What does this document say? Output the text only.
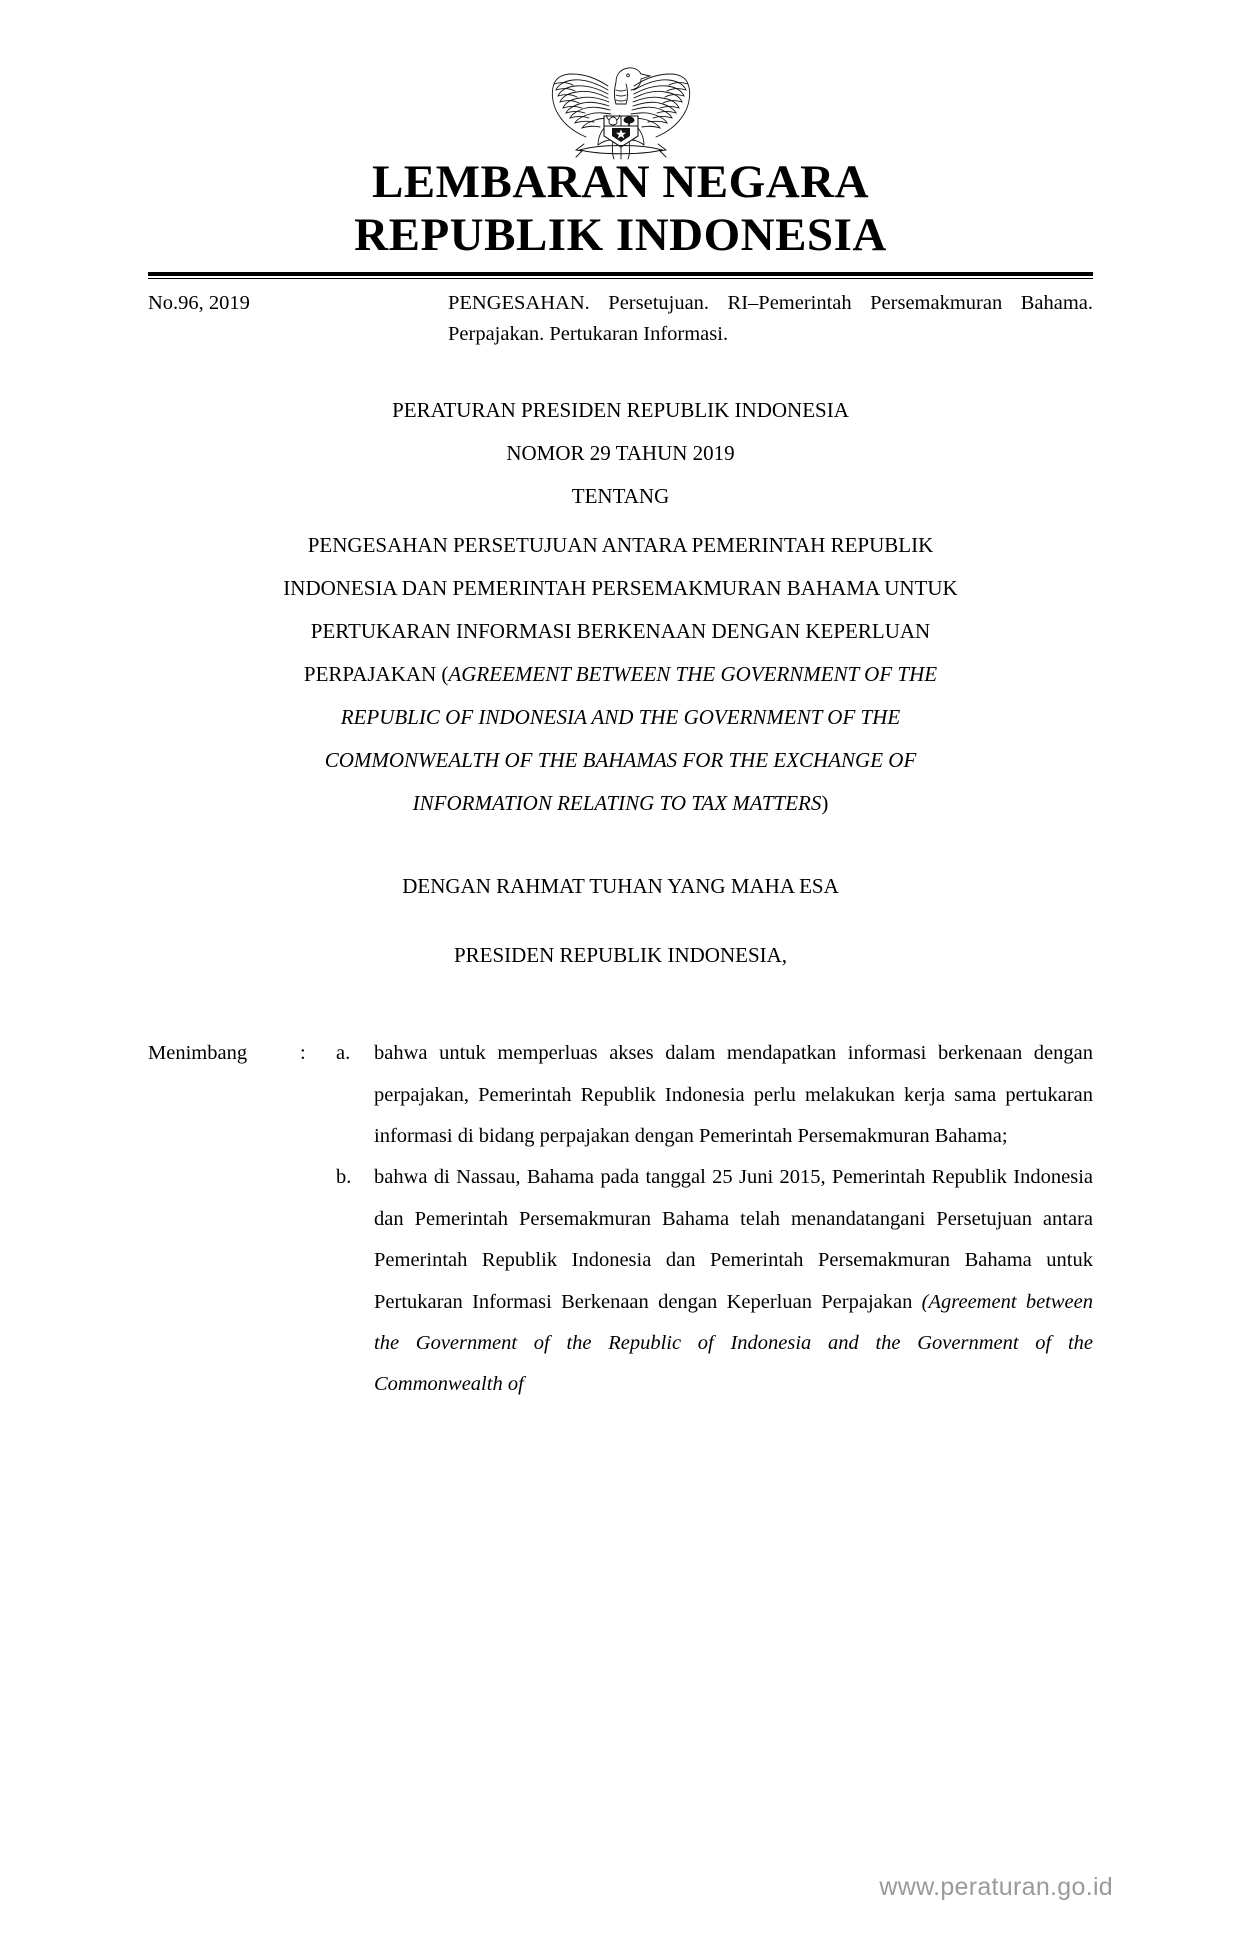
LEMBARAN NEGARA
REPUBLIK INDONESIA
No.96, 2019	PENGESAHAN. Persetujuan. RI–Pemerintah Persemakmuran Bahama. Perpajakan. Pertukaran Informasi.
PERATURAN PRESIDEN REPUBLIK INDONESIA
NOMOR 29 TAHUN 2019
TENTANG
PENGESAHAN PERSETUJUAN ANTARA PEMERINTAH REPUBLIK
INDONESIA DAN PEMERINTAH PERSEMAKMURAN BAHAMA UNTUK
PERTUKARAN INFORMASI BERKENAAN DENGAN KEPERLUAN
PERPAJAKAN (AGREEMENT BETWEEN THE GOVERNMENT OF THE
REPUBLIC OF INDONESIA AND THE GOVERNMENT OF THE
COMMONWEALTH OF THE BAHAMAS FOR THE EXCHANGE OF
INFORMATION RELATING TO TAX MATTERS)
DENGAN RAHMAT TUHAN YANG MAHA ESA
PRESIDEN REPUBLIK INDONESIA,
Menimbang	:	a.	bahwa untuk memperluas akses dalam mendapatkan informasi berkenaan dengan perpajakan, Pemerintah Republik Indonesia perlu melakukan kerja sama pertukaran informasi di bidang perpajakan dengan Pemerintah Persemakmuran Bahama;
b.	bahwa di Nassau, Bahama pada tanggal 25 Juni 2015, Pemerintah Republik Indonesia dan Pemerintah Persemakmuran Bahama telah menandatangani Persetujuan antara Pemerintah Republik Indonesia dan Pemerintah Persemakmuran Bahama untuk Pertukaran Informasi Berkenaan dengan Keperluan Perpajakan (Agreement between the Government of the Republic of Indonesia and the Government of the Commonwealth of
www.peraturan.go.id
